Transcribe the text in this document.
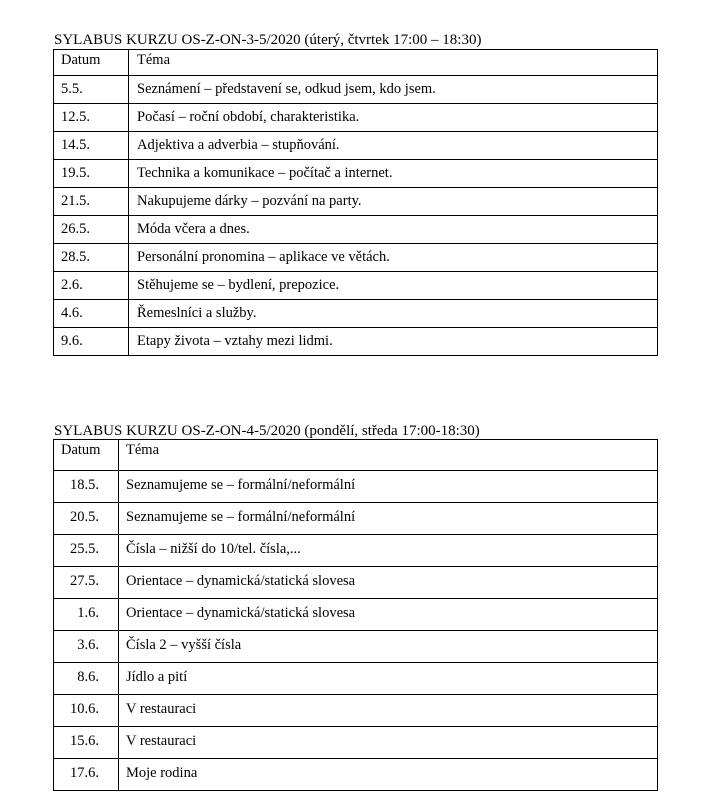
SYLABUS KURZU OS-Z-ON-3-5/2020 (úterý, čtvrtek 17:00 – 18:30)
Datum	Téma
5.5.	Seznámení – představení se, odkud jsem, kdo jsem.
12.5.	Počasí – roční období, charakteristika.
14.5.	Adjektiva a adverbia – stupňování.
19.5.	Technika a komunikace – počítač a internet.
21.5.	Nakupujeme dárky – pozvání na party.
26.5.	Móda včera a dnes.
28.5.	Personální pronomina – aplikace ve větách.
2.6.	Stěhujeme se – bydlení, prepozice.
4.6.	Řemeslníci a služby.
9.6.	Etapy života – vztahy mezi lidmi.
SYLABUS KURZU OS-Z-ON-4-5/2020 (pondělí, středa 17:00-18:30)
Datum	Téma
18.5.	Seznamujeme se – formální/neformální
20.5.	Seznamujeme se – formální/neformální
25.5.	Čísla – nižší do 10/tel. čísla,...
27.5.	Orientace – dynamická/statická slovesa
1.6.	Orientace – dynamická/statická slovesa
3.6.	Čísla 2 – vyšší čísla
8.6.	Jídlo a pití
10.6.	V restauraci
15.6.	V restauraci
17.6.	Moje rodina
